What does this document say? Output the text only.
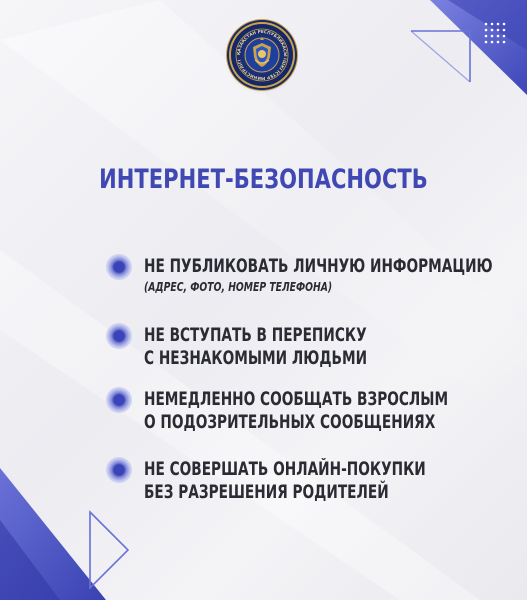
ҚАЗАҚСТАН РЕСПУБЛИКАСЫ ІШКІ ІСТЕР МИНИСТРЛІГІ
ИНТЕРНЕТ-БЕЗОПАСНОСТЬ
НЕ ПУБЛИКОВАТЬ ЛИЧНУЮ ИНФОРМАЦИЮ
(АДРЕС, ФОТО, НОМЕР ТЕЛЕФОНА)
НЕ ВСТУПАТЬ В ПЕРЕПИСКУ
С НЕЗНАКОМЫМИ ЛЮДЬМИ
НЕМЕДЛЕННО СООБЩАТЬ ВЗРОСЛЫМ
О ПОДОЗРИТЕЛЬНЫХ СООБЩЕНИЯХ
НЕ СОВЕРШАТЬ ОНЛАЙН-ПОКУПКИ
БЕЗ РАЗРЕШЕНИЯ РОДИТЕЛЕЙ
